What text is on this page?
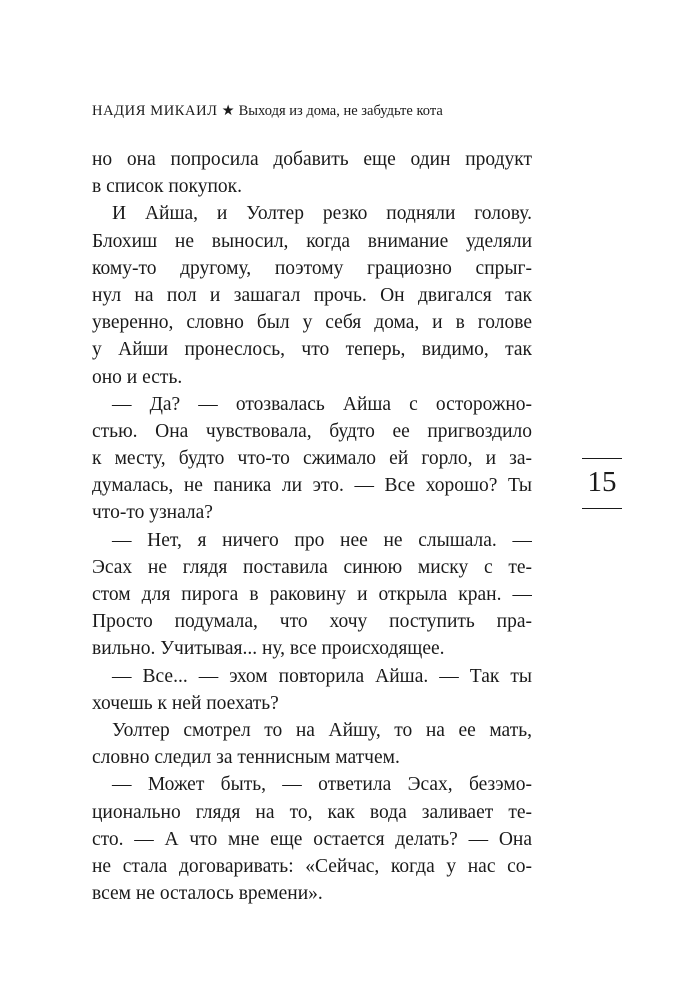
НАДИЯ МИКАИЛ ★ Выходя из дома, не забудьте кота
но она попросила добавить еще один продукт
в список покупок.
И Айша, и Уолтер резко подняли голову.
Блохиш не выносил, когда внимание уделяли
кому-то другому, поэтому грациозно спрыг-
нул на пол и зашагал прочь. Он двигался так
уверенно, словно был у себя дома, и в голове
у Айши пронеслось, что теперь, видимо, так
оно и есть.
— Да? — отозвалась Айша с осторожно-
стью. Она чувствовала, будто ее пригвоздило
к месту, будто что-то сжимало ей горло, и за-
думалась, не паника ли это. — Все хорошо? Ты
что-то узнала?
— Нет, я ничего про нее не слышала. —
Эсах не глядя поставила синюю миску с те-
стом для пирога в раковину и открыла кран. —
Просто подумала, что хочу поступить пра-
вильно. Учитывая... ну, все происходящее.
— Все... — эхом повторила Айша. — Так ты
хочешь к ней поехать?
Уолтер смотрел то на Айшу, то на ее мать,
словно следил за теннисным матчем.
— Может быть, — ответила Эсах, безэмо-
ционально глядя на то, как вода заливает те-
сто. — А что мне еще остается делать? — Она
не стала договаривать: «Сейчас, когда у нас со-
всем не осталось времени».
15
